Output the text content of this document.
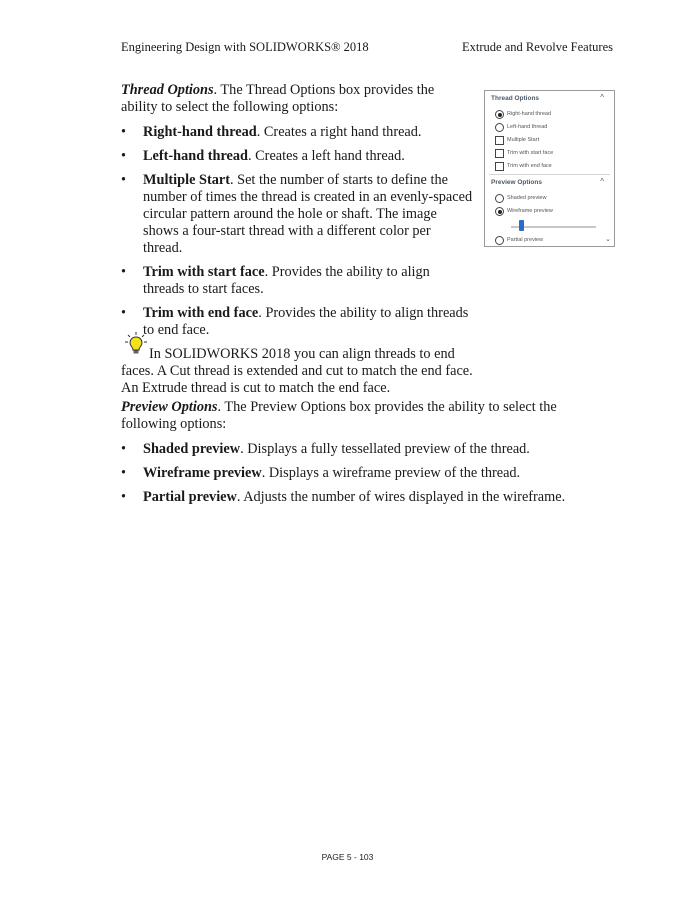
Engineering Design with SOLIDWORKS® 2018	Extrude and Revolve Features

Thread Options. The Thread Options box provides the ability to select the following options:

•	Right-hand thread. Creates a right hand thread.
•	Left-hand thread. Creates a left hand thread.
•	Multiple Start. Set the number of starts to define the number of times the thread is created in an evenly-spaced circular pattern around the hole or shaft. The image shows a four-start thread with a different color per thread.
•	Trim with start face. Provides the ability to align threads to start faces.
•	Trim with end face. Provides the ability to align threads to end face.
In SOLIDWORKS 2018 you can align threads to end
faces. A Cut thread is extended and cut to match the end face. An Extrude thread is cut to match the end face.

Preview Options. The Preview Options box provides the ability to select the following options:

•	Shaded preview. Displays a fully tessellated preview of the thread.
•	Wireframe preview. Displays a wireframe preview of the thread.
•	Partial preview. Adjusts the number of wires displayed in the wireframe.
Thread Options	^
Right-hand thread
Left-hand thread
Multiple Start
Trim with start face
Trim with end face
Preview Options	^
Shaded preview
Wireframe preview
Partial preview	⌄
PAGE 5 - 103
